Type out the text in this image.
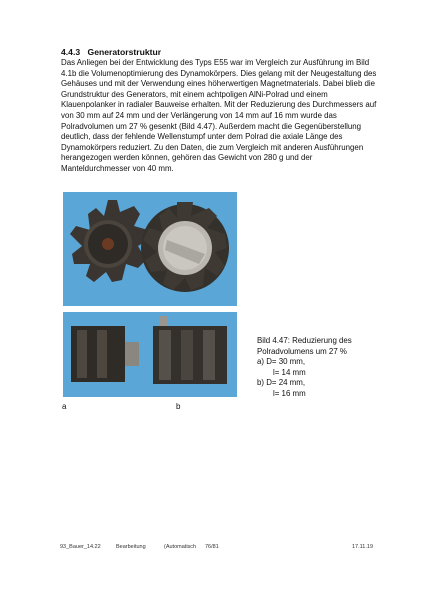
4.4.3 Generatorstruktur

Das Anliegen bei der Entwicklung des Typs E55 war im Vergleich zur Ausführung im Bild 4.1b die Volumenoptimierung des Dynamokörpers. Dies gelang mit der Neugestaltung des Gehäuses und mit der Verwendung eines höherwertigen Magnetmaterials. Dabei blieb die Grundstruktur des Generators, mit einem achtpoligen AlNi-Polrad und einem Klauenpolanker in radialer Bauweise erhalten. Mit der Reduzierung des Durchmessers auf von 30 mm auf 24 mm und der Verlängerung von 14 mm auf 16 mm wurde das Polradvolumen um 27 % gesenkt (Bild 4.47). Außerdem macht die Gegenüberstellung deutlich, dass der fehlende Wellenstumpf unter dem Polrad die axiale Länge des Dynamokörpers reduziert. Zu den Daten, die zum Vergleich mit anderen Ausführungen herangezogen werden können, gehören das Gewicht von 280 g und der Manteldurchmesser von 40 mm.

Bild 4.47: Reduzierung des
Polradvolumens um 27 %
a) D= 30 mm,
l= 14 mm
b) D= 24 mm,
l= 16 mm
a	b
93_Bauer_14.22	Bearbeitung	(Automatisch 76/81	17.11.19
